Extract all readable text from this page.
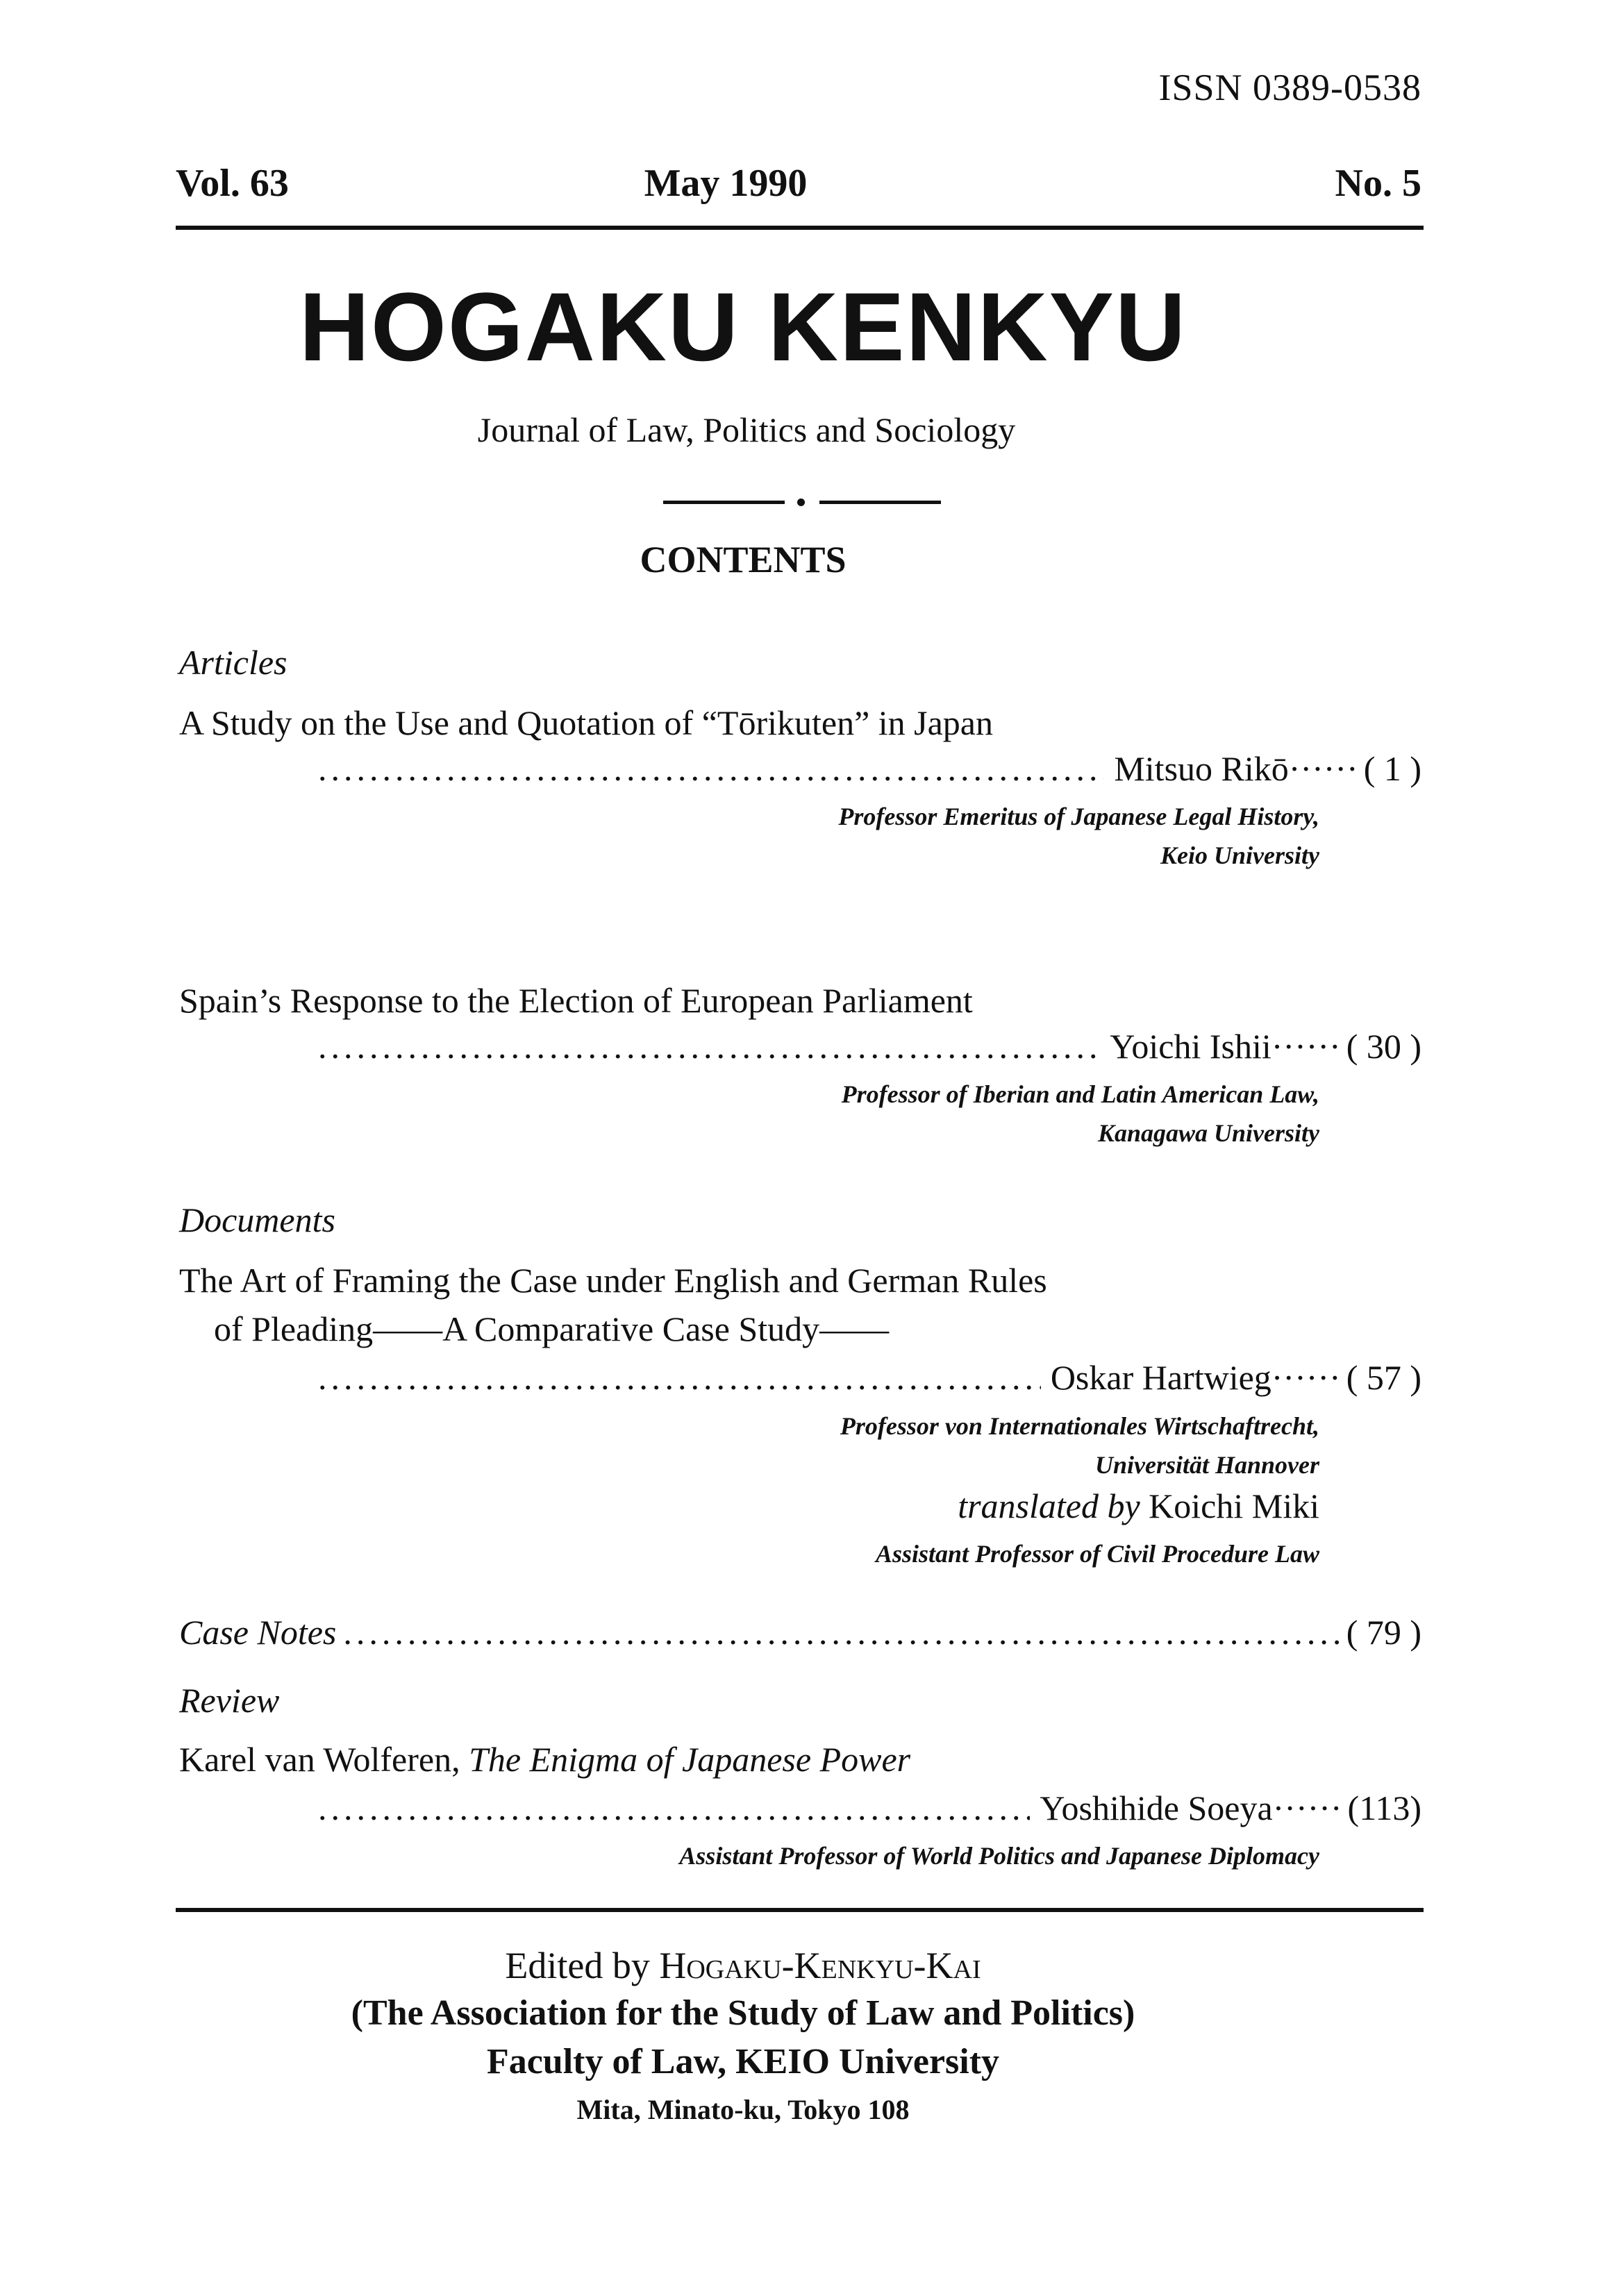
ISSN 0389-0538
Vol. 63	May 1990	No. 5
HOGAKU KENKYU
Journal of Law, Politics and Sociology
CONTENTS
Articles
A Study on the Use and Quotation of “Tōrikuten” in Japan
.....
Mitsuo Rikō ······ ( 1 )
Professor Emeritus of Japanese Legal History,
Keio University
Spain’s Response to the Election of European Parliament
.....
Yoichi Ishii ······ ( 30 )
Professor of Iberian and Latin American Law,
Kanagawa University
Documents
The Art of Framing the Case under English and German Rules
of Pleading——A Comparative Case Study——
.....
Oskar Hartwieg ······ ( 57 )
Professor von Internationales Wirtschaftrecht,
Universität Hannover
translated by Koichi Miki
Assistant Professor of Civil Procedure Law
Case Notes
.....	( 79 )
Review
Karel van Wolferen, The Enigma of Japanese Power
.....
Yoshihide Soeya ······ (113)
Assistant Professor of World Politics and Japanese Diplomacy
Edited by Hogaku-Kenkyu-Kai
(The Association for the Study of Law and Politics)
Faculty of Law, KEIO University
Mita, Minato-ku, Tokyo 108
